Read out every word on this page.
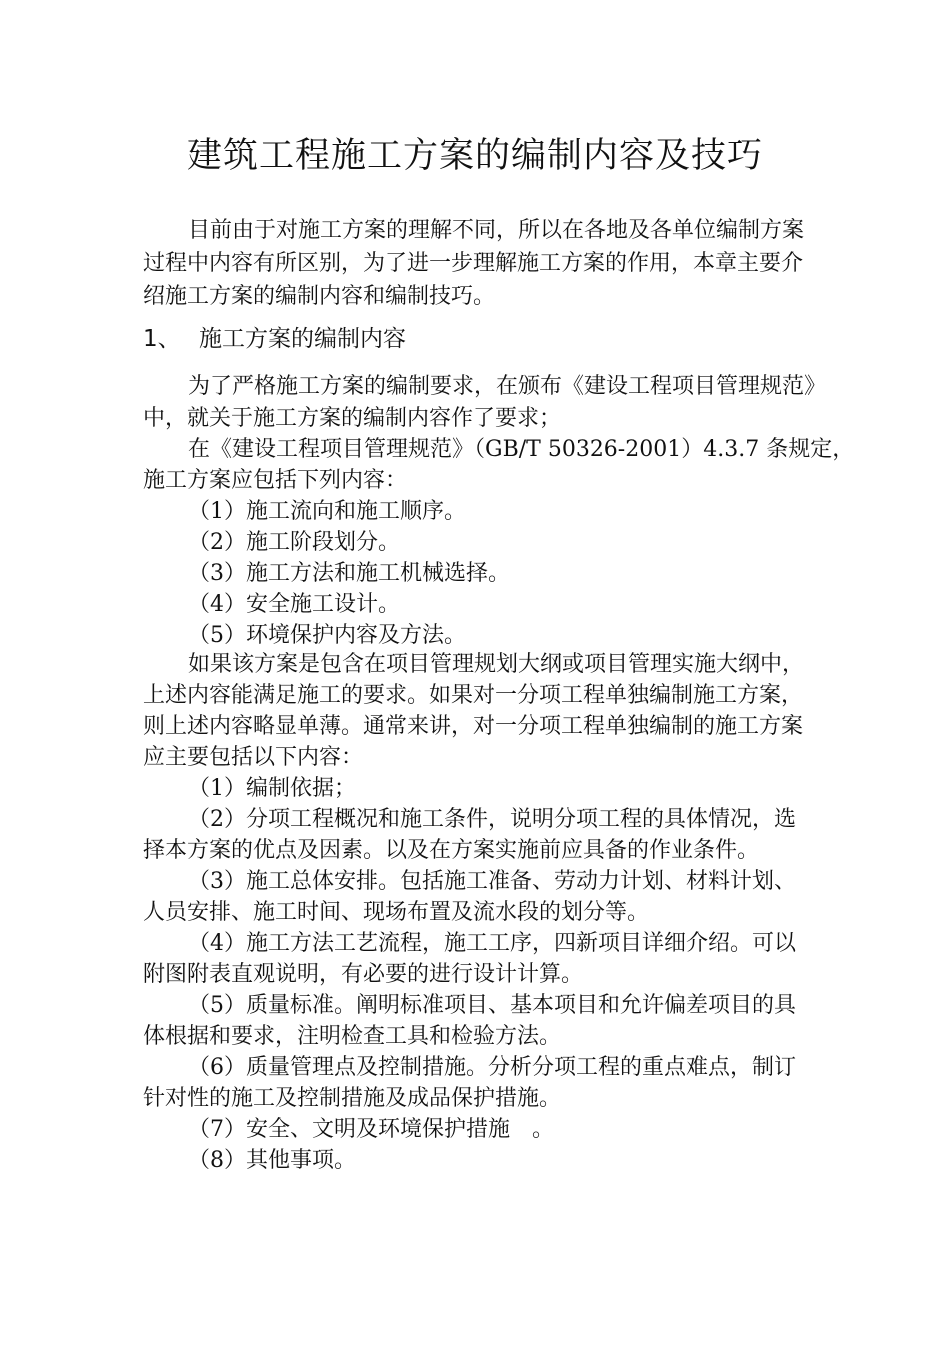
建筑工程施工方案的编制内容及技巧
目前由于对施工方案的理解不同，所以在各地及各单位编制方案
过程中内容有所区别，为了进一步理解施工方案的作用，本章主要介
绍施工方案的编制内容和编制技巧。
1、 施工方案的编制内容
为了严格施工方案的编制要求，在颁布《建设工程项目管理规范》
中，就关于施工方案的编制内容作了要求；
在《建设工程项目管理规范》（GB/T 50326-2001）4.3.7 条规定，
施工方案应包括下列内容：
（1）施工流向和施工顺序。
（2）施工阶段划分。
（3）施工方法和施工机械选择。
（4）安全施工设计。
（5）环境保护内容及方法。
如果该方案是包含在项目管理规划大纲或项目管理实施大纲中，
上述内容能满足施工的要求。如果对一分项工程单独编制施工方案，
则上述内容略显单薄。通常来讲，对一分项工程单独编制的施工方案
应主要包括以下内容：
（1）编制依据；
（2）分项工程概况和施工条件，说明分项工程的具体情况，选
择本方案的优点及因素。以及在方案实施前应具备的作业条件。
（3）施工总体安排。包括施工准备、劳动力计划、材料计划、
人员安排、施工时间、现场布置及流水段的划分等。
（4）施工方法工艺流程，施工工序，四新项目详细介绍。可以
附图附表直观说明，有必要的进行设计计算。
（5）质量标准。阐明标准项目、基本项目和允许偏差项目的具
体根据和要求，注明检查工具和检验方法。
（6）质量管理点及控制措施。分析分项工程的重点难点，制订
针对性的施工及控制措施及成品保护措施。
（7）安全、文明及环境保护措施　。
（8）其他事项。
